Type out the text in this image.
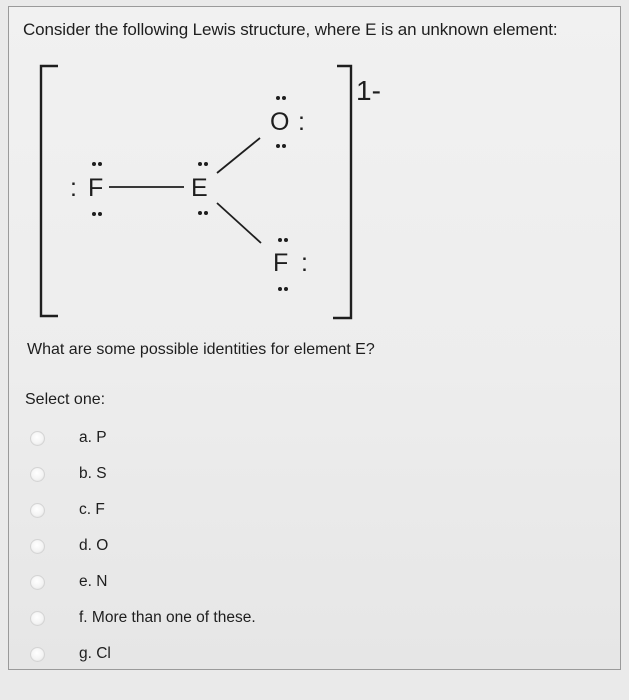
Consider the following Lewis structure, where E is an unknown element:
1-
F
:	E
O :
F :
What are some possible identities for element E?
Select one:
a. P
b. S
c. F
d. O
e. N
f. More than one of these.
g. Cl
